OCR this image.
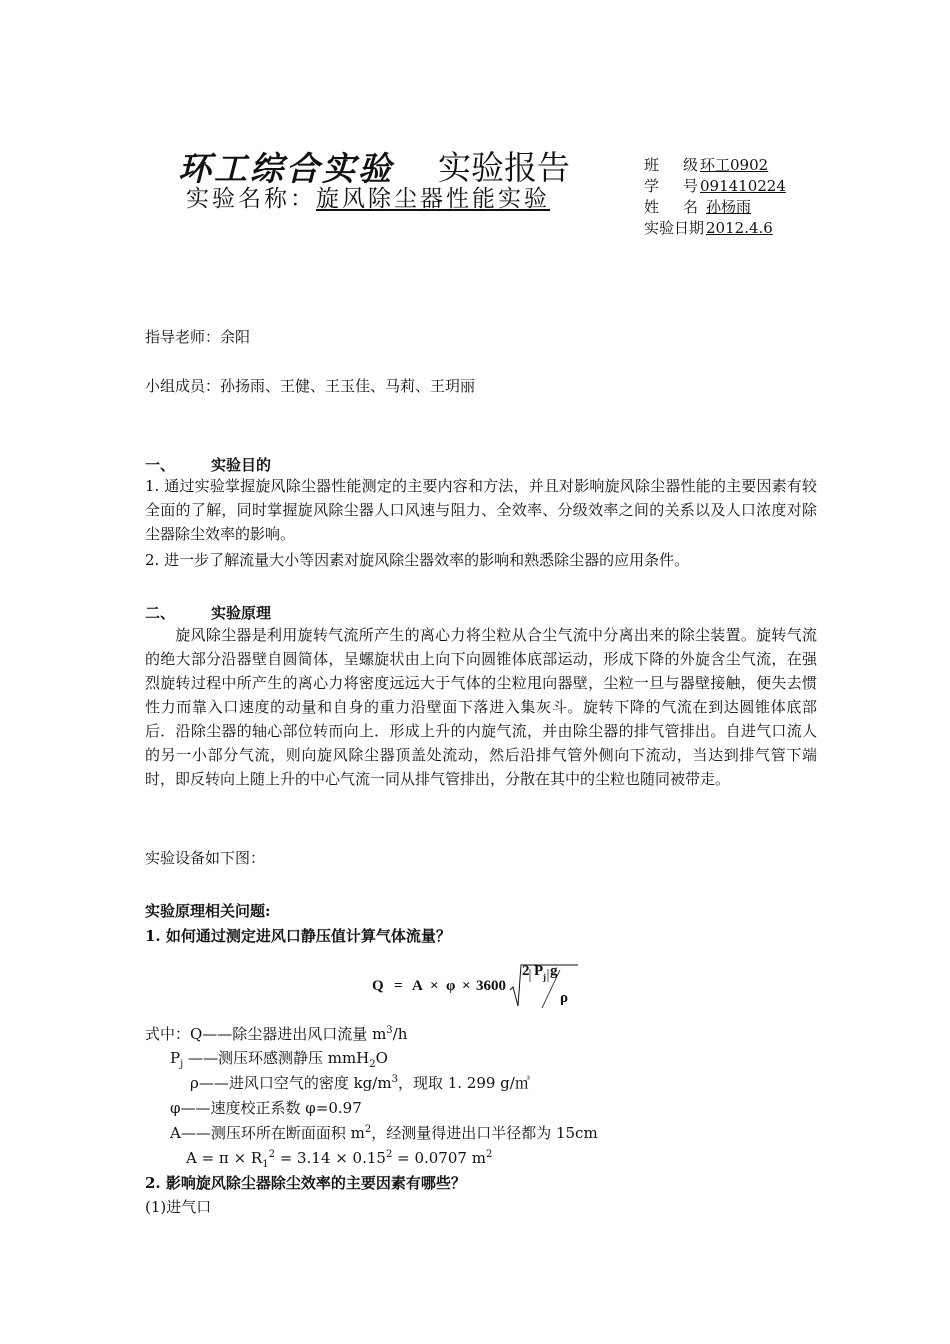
环工综合实验 实验报告
实验名称：旋风除尘器性能实验
班 级 环工0902
学 号 091410224
姓 名 孙杨雨
实验日期 2012.4.6
指导老师：余阳
小组成员：孙扬雨、王健、王玉佳、马莉、王玥丽
一、 实验目的
1. 通过实验掌握旋风除尘器性能测定的主要内容和方法，并且对影响旋风除尘器性能的主要因素有较全面的了解，同时掌握旋风除尘器人口风速与阻力、全效率、分级效率之间的关系以及人口浓度对除尘器除尘效率的影响。
2. 进一步了解流量大小等因素对旋风除尘器效率的影响和熟悉除尘器的应用条件。
二、 实验原理
旋风除尘器是利用旋转气流所产生的离心力将尘粒从合尘气流中分离出来的除尘装置。旋转气流的绝大部分沿器壁自圆简体，呈螺旋状由上向下向圆锥体底部运动，形成下降的外旋含尘气流，在强烈旋转过程中所产生的离心力将密度远远大于气体的尘粒甩向器壁，尘粒一旦与器壁接触，便失去惯性力而靠入口速度的动量和自身的重力沿壁面下落进入集灰斗。旋转下降的气流在到达圆锥体底部后．沿除尘器的轴心部位转而向上．形成上升的内旋气流，并由除尘器的排气管排出。自进气口流人的另一小部分气流，则向旋风除尘器顶盖处流动，然后沿排气管外侧向下流动，当达到排气管下端时，即反转向上随上升的中心气流一同从排气管排出，分散在其中的尘粒也随同被带走。
实验设备如下图：
实验原理相关问题:
1. 如何通过测定进风口静压值计算气体流量？
Q = A × φ × 3600
2 P j g
ρ
式中：Q——除尘器进出风口流量 $m^3/h$
$P_j$ ——测压环感测静压 mmH$_2$O
ρ——进风口空气的密度 $kg/m^3$，现取 1. 299 g/㎥
φ——速度校正系数 φ=0.97
A——测压环所在断面面积 $m^2$，经测量得进出口半径都为 15cm
$A = \pi \times R_1^2 = 3.14 \times 0.15^2 = 0.0707$ $m^2$
2. 影响旋风除尘器除尘效率的主要因素有哪些？
(1)进气口
